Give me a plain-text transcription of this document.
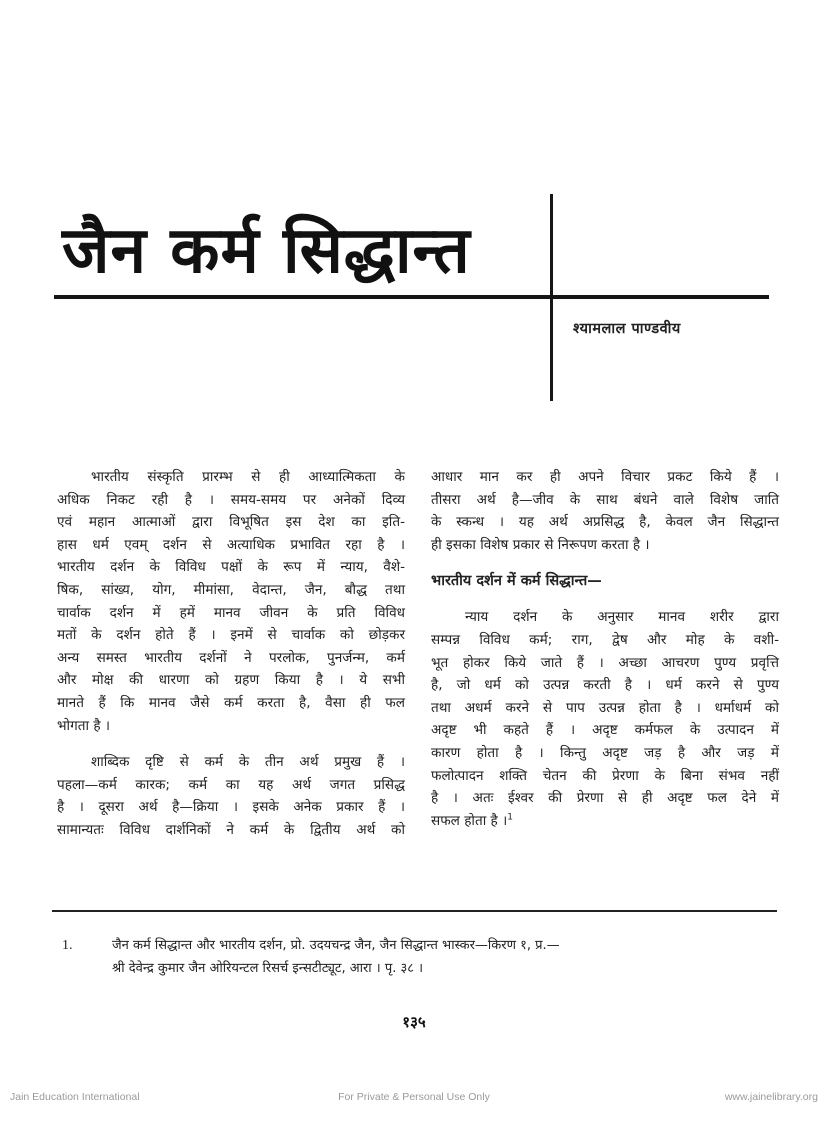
जैन कर्म सिद्धान्त
श्यामलाल पाण्डवीय

भारतीय संस्कृति प्रारम्भ से ही आध्यात्मिकता के
अधिक निकट रही है । समय-समय पर अनेकों दिव्य
एवं महान आत्माओं द्वारा विभूषित इस देश का इति-
हास धर्म एवम् दर्शन से अत्याधिक प्रभावित रहा है ।
भारतीय दर्शन के विविध पक्षों के रूप में न्याय, वैशे-
षिक, सांख्य, योग, मीमांसा, वेदान्त, जैन, बौद्ध तथा
चार्वाक दर्शन में हमें मानव जीवन के प्रति विविध
मतों के दर्शन होते हैं । इनमें से चार्वाक को छोड़कर
अन्य समस्त भारतीय दर्शनों ने परलोक, पुनर्जन्म, कर्म
और मोक्ष की धारणा को ग्रहण किया है । ये सभी
मानते हैं कि मानव जैसे कर्म करता है, वैसा ही फल
भोगता है ।

शाब्दिक दृष्टि से कर्म के तीन अर्थ प्रमुख हैं ।
पहला—कर्म कारक; कर्म का यह अर्थ जगत प्रसिद्ध
है । दूसरा अर्थ है—क्रिया । इसके अनेक प्रकार हैं ।
सामान्यतः विविध दार्शनिकों ने कर्म के द्वितीय अर्थ को

आधार मान कर ही अपने विचार प्रकट किये हैं ।
तीसरा अर्थ है—जीव के साथ बंधने वाले विशेष जाति
के स्कन्ध । यह अर्थ अप्रसिद्ध है, केवल जैन सिद्धान्त
ही इसका विशेष प्रकार से निरूपण करता है ।

भारतीय दर्शन में कर्म सिद्धान्त—

न्याय दर्शन के अनुसार मानव शरीर द्वारा
सम्पन्न विविध कर्म; राग, द्वेष और मोह के वशी-
भूत होकर किये जाते हैं । अच्छा आचरण पुण्य प्रवृत्ति
है, जो धर्म को उत्पन्न करती है । धर्म करने से पुण्य
तथा अधर्म करने से पाप उत्पन्न होता है । धर्माधर्म को
अदृष्ट भी कहते हैं । अदृष्ट कर्मफल के उत्पादन में
कारण होता है । किन्तु अदृष्ट जड़ है और जड़ में
फलोत्पादन शक्ति चेतन की प्रेरणा के बिना संभव नहीं
है । अतः ईश्वर की प्रेरणा से ही अदृष्ट फल देने में
सफल होता है ।$^1$

1.	जैन कर्म सिद्धान्त और भारतीय दर्शन, प्रो. उदयचन्द्र जैन, जैन सिद्धान्त भास्कर—किरण १, प्र.—
श्री देवेन्द्र कुमार जैन ओरियन्टल रिसर्च इन्सटीट्यूट, आरा । पृ. ३८ ।
१३५
Jain Education International	For Private & Personal Use Only	www.jainelibrary.org
